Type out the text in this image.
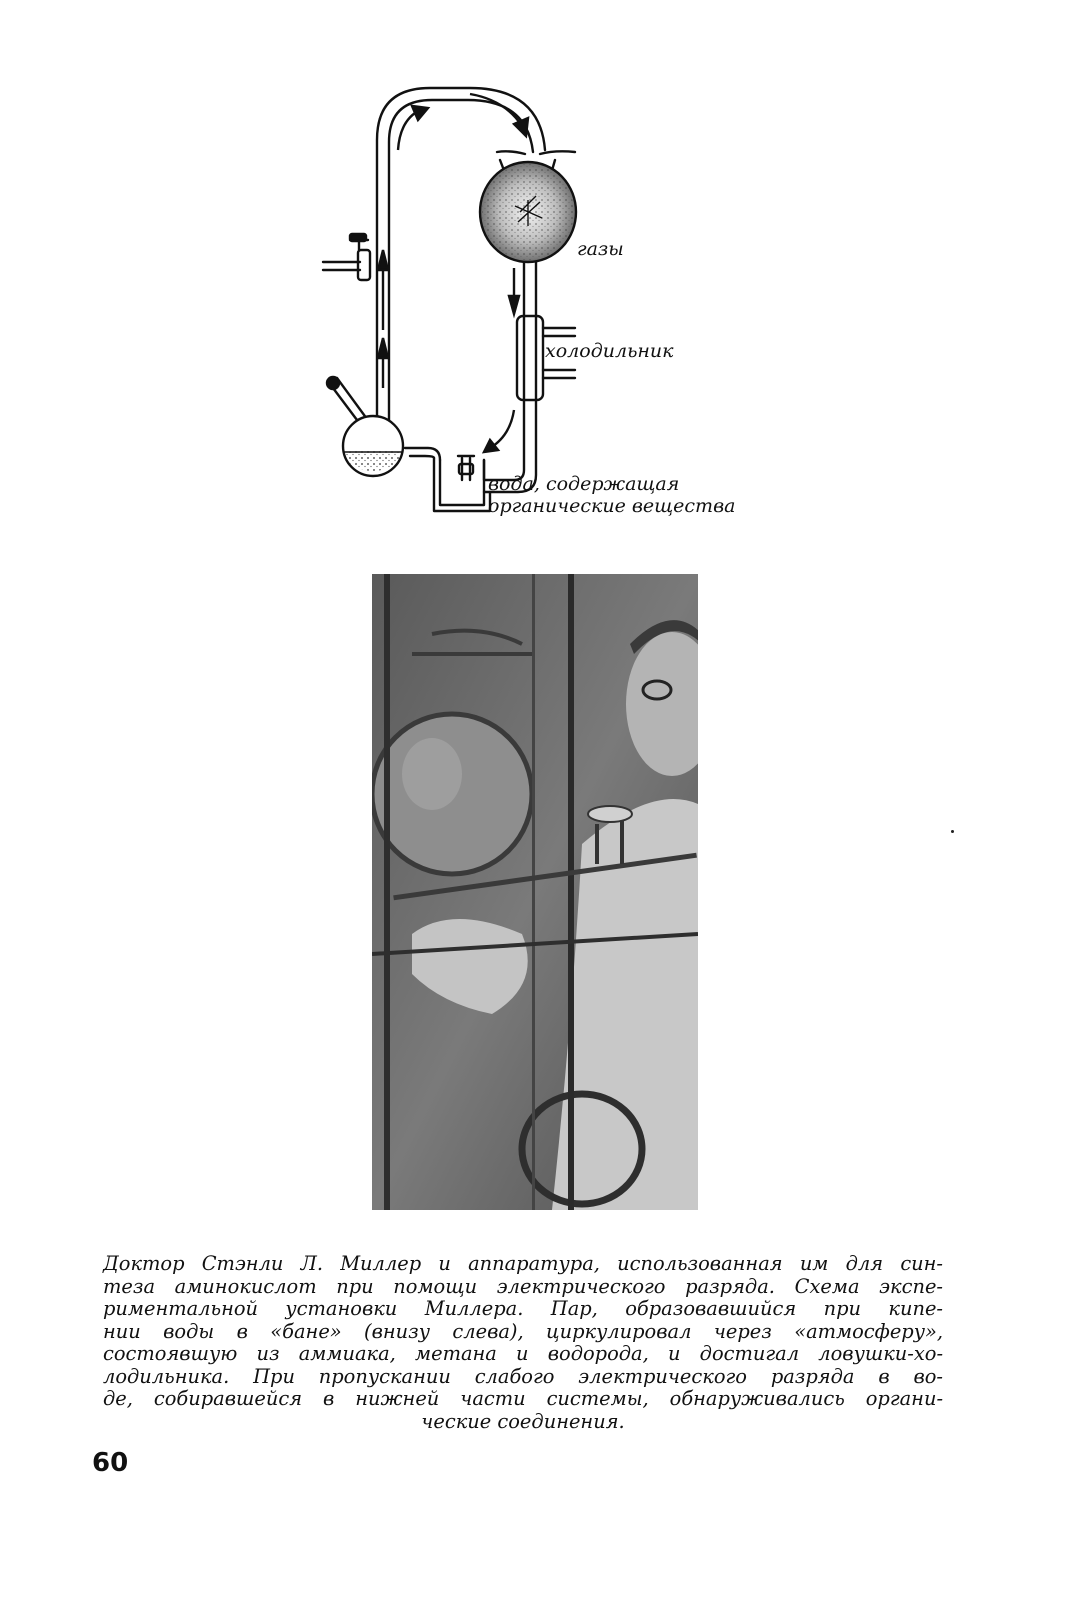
газы
холодильник
вода, содержащая
органические вещества
Доктор Стэнли Л. Миллер и аппаратура, использованная им для син-
теза аминокислот при помощи электрического разряда. Схема экспе-
риментальной установки Миллера. Пар, образовавшийся при кипе-
нии воды в «бане» (внизу слева), циркулировал через «атмосферу»,
состоявшую из аммиака, метана и водорода, и достигал ловушки-хо-
лодильника. При пропускании слабого электрического разряда в во-
де, собиравшейся в нижней части системы, обнаруживались органи-
ческие соединения.
60
